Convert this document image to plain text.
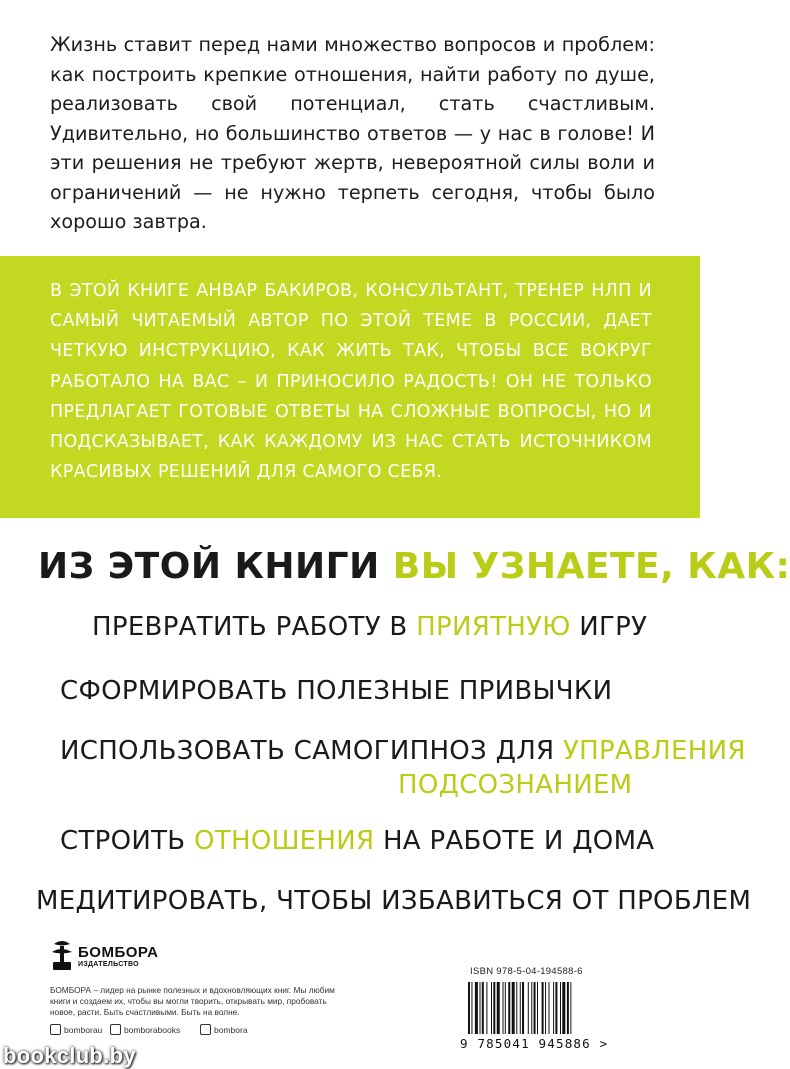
Жизнь ставит перед нами множество вопросов и проблем: как построить крепкие отношения, найти работу по душе, реализовать свой потенциал, стать счастливым. Удивительно, но большинство ответов — у нас в голове! И эти решения не требуют жертв, невероятной силы воли и ограничений — не нужно терпеть сегодня, чтобы было хорошо завтра.
В ЭТОЙ КНИГЕ АНВАР БАКИРОВ, КОНСУЛЬТАНТ, ТРЕНЕР НЛП И САМЫЙ ЧИТАЕМЫЙ АВТОР ПО ЭТОЙ ТЕМЕ В РОССИИ, ДАЕТ ЧЕТКУЮ ИНСТРУКЦИЮ, КАК ЖИТЬ ТАК, ЧТОБЫ ВСЕ ВОКРУГ РАБОТАЛО НА ВАС – И ПРИНОСИЛО РАДОСТЬ! ОН НЕ ТОЛЬКО ПРЕДЛАГАЕТ ГОТОВЫЕ ОТВЕТЫ НА СЛОЖНЫЕ ВОПРОСЫ, НО И ПОДСКАЗЫВАЕТ, КАК КАЖДОМУ ИЗ НАС СТАТЬ ИСТОЧНИКОМ КРАСИВЫХ РЕШЕНИЙ ДЛЯ САМОГО СЕБЯ.
ИЗ ЭТОЙ КНИГИ ВЫ УЗНАЕТЕ, КАК:
ПРЕВРАТИТЬ РАБОТУ В ПРИЯТНУЮ ИГРУ
СФОРМИРОВАТЬ ПОЛЕЗНЫЕ ПРИВЫЧКИ
ИСПОЛЬЗОВАТЬ САМОГИПНОЗ ДЛЯ УПРАВЛЕНИЯ
ПОДСОЗНАНИЕМ
СТРОИТЬ ОТНОШЕНИЯ НА РАБОТЕ И ДОМА
МЕДИТИРОВАТЬ, ЧТОБЫ ИЗБАВИТЬСЯ ОТ ПРОБЛЕМ
БОМБОРА
ИЗДАТЕЛЬСТВО
БОМБОРА – лидер на рынке полезных и вдохновляющих книг. Мы любим книги и создаем их, чтобы вы могли творить, открывать мир, пробовать новое, расти. Быть счастливыми. Быть на волне.
bomborau	bomborabooks	bombora
bookclub.by
ISBN 978-5-04-194588-6
9 785041 945886 >
